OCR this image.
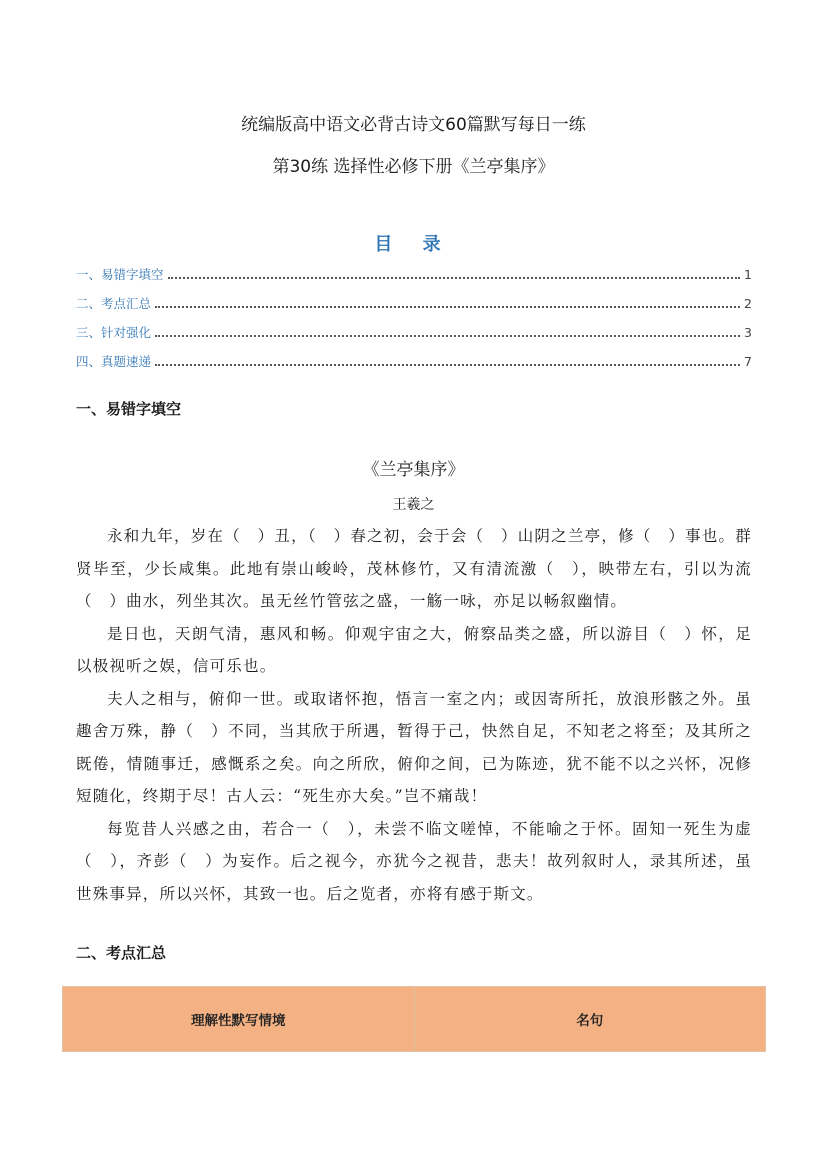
统编版高中语文必背古诗文60篇默写每日一练
第30练 选择性必修下册《兰亭集序》
目 录
一、易错字填空	1
二、考点汇总	2
三、针对强化	3
四、真题速递	7
一、易错字填空
《兰亭集序》
王羲之

永和九年，岁在（　）丑，（　）春之初，会于会（　）山阴之兰亭，修（　）事也。群贤毕至，少长咸集。此地有崇山峻岭，茂林修竹，又有清流激（　），映带左右，引以为流（　）曲水，列坐其次。虽无丝竹管弦之盛，一觞一咏，亦足以畅叙幽情。

是日也，天朗气清，惠风和畅。仰观宇宙之大，俯察品类之盛，所以游目（　）怀，足以极视听之娱，信可乐也。

夫人之相与，俯仰一世。或取诸怀抱，悟言一室之内；或因寄所托，放浪形骸之外。虽趣舍万殊，静（　）不同，当其欣于所遇，暂得于己，快然自足，不知老之将至；及其所之既倦，情随事迁，感慨系之矣。向之所欣，俯仰之间，已为陈迹，犹不能不以之兴怀，况修短随化，终期于尽！古人云：“死生亦大矣。”岂不痛哉！

每览昔人兴感之由，若合一（　），未尝不临文嗟悼，不能喻之于怀。固知一死生为虚（　），齐彭（　）为妄作。后之视今，亦犹今之视昔，悲夫！故列叙时人，录其所述，虽世殊事异，所以兴怀，其致一也。后之览者，亦将有感于斯文。

二、考点汇总
理解性默写情境	名句
